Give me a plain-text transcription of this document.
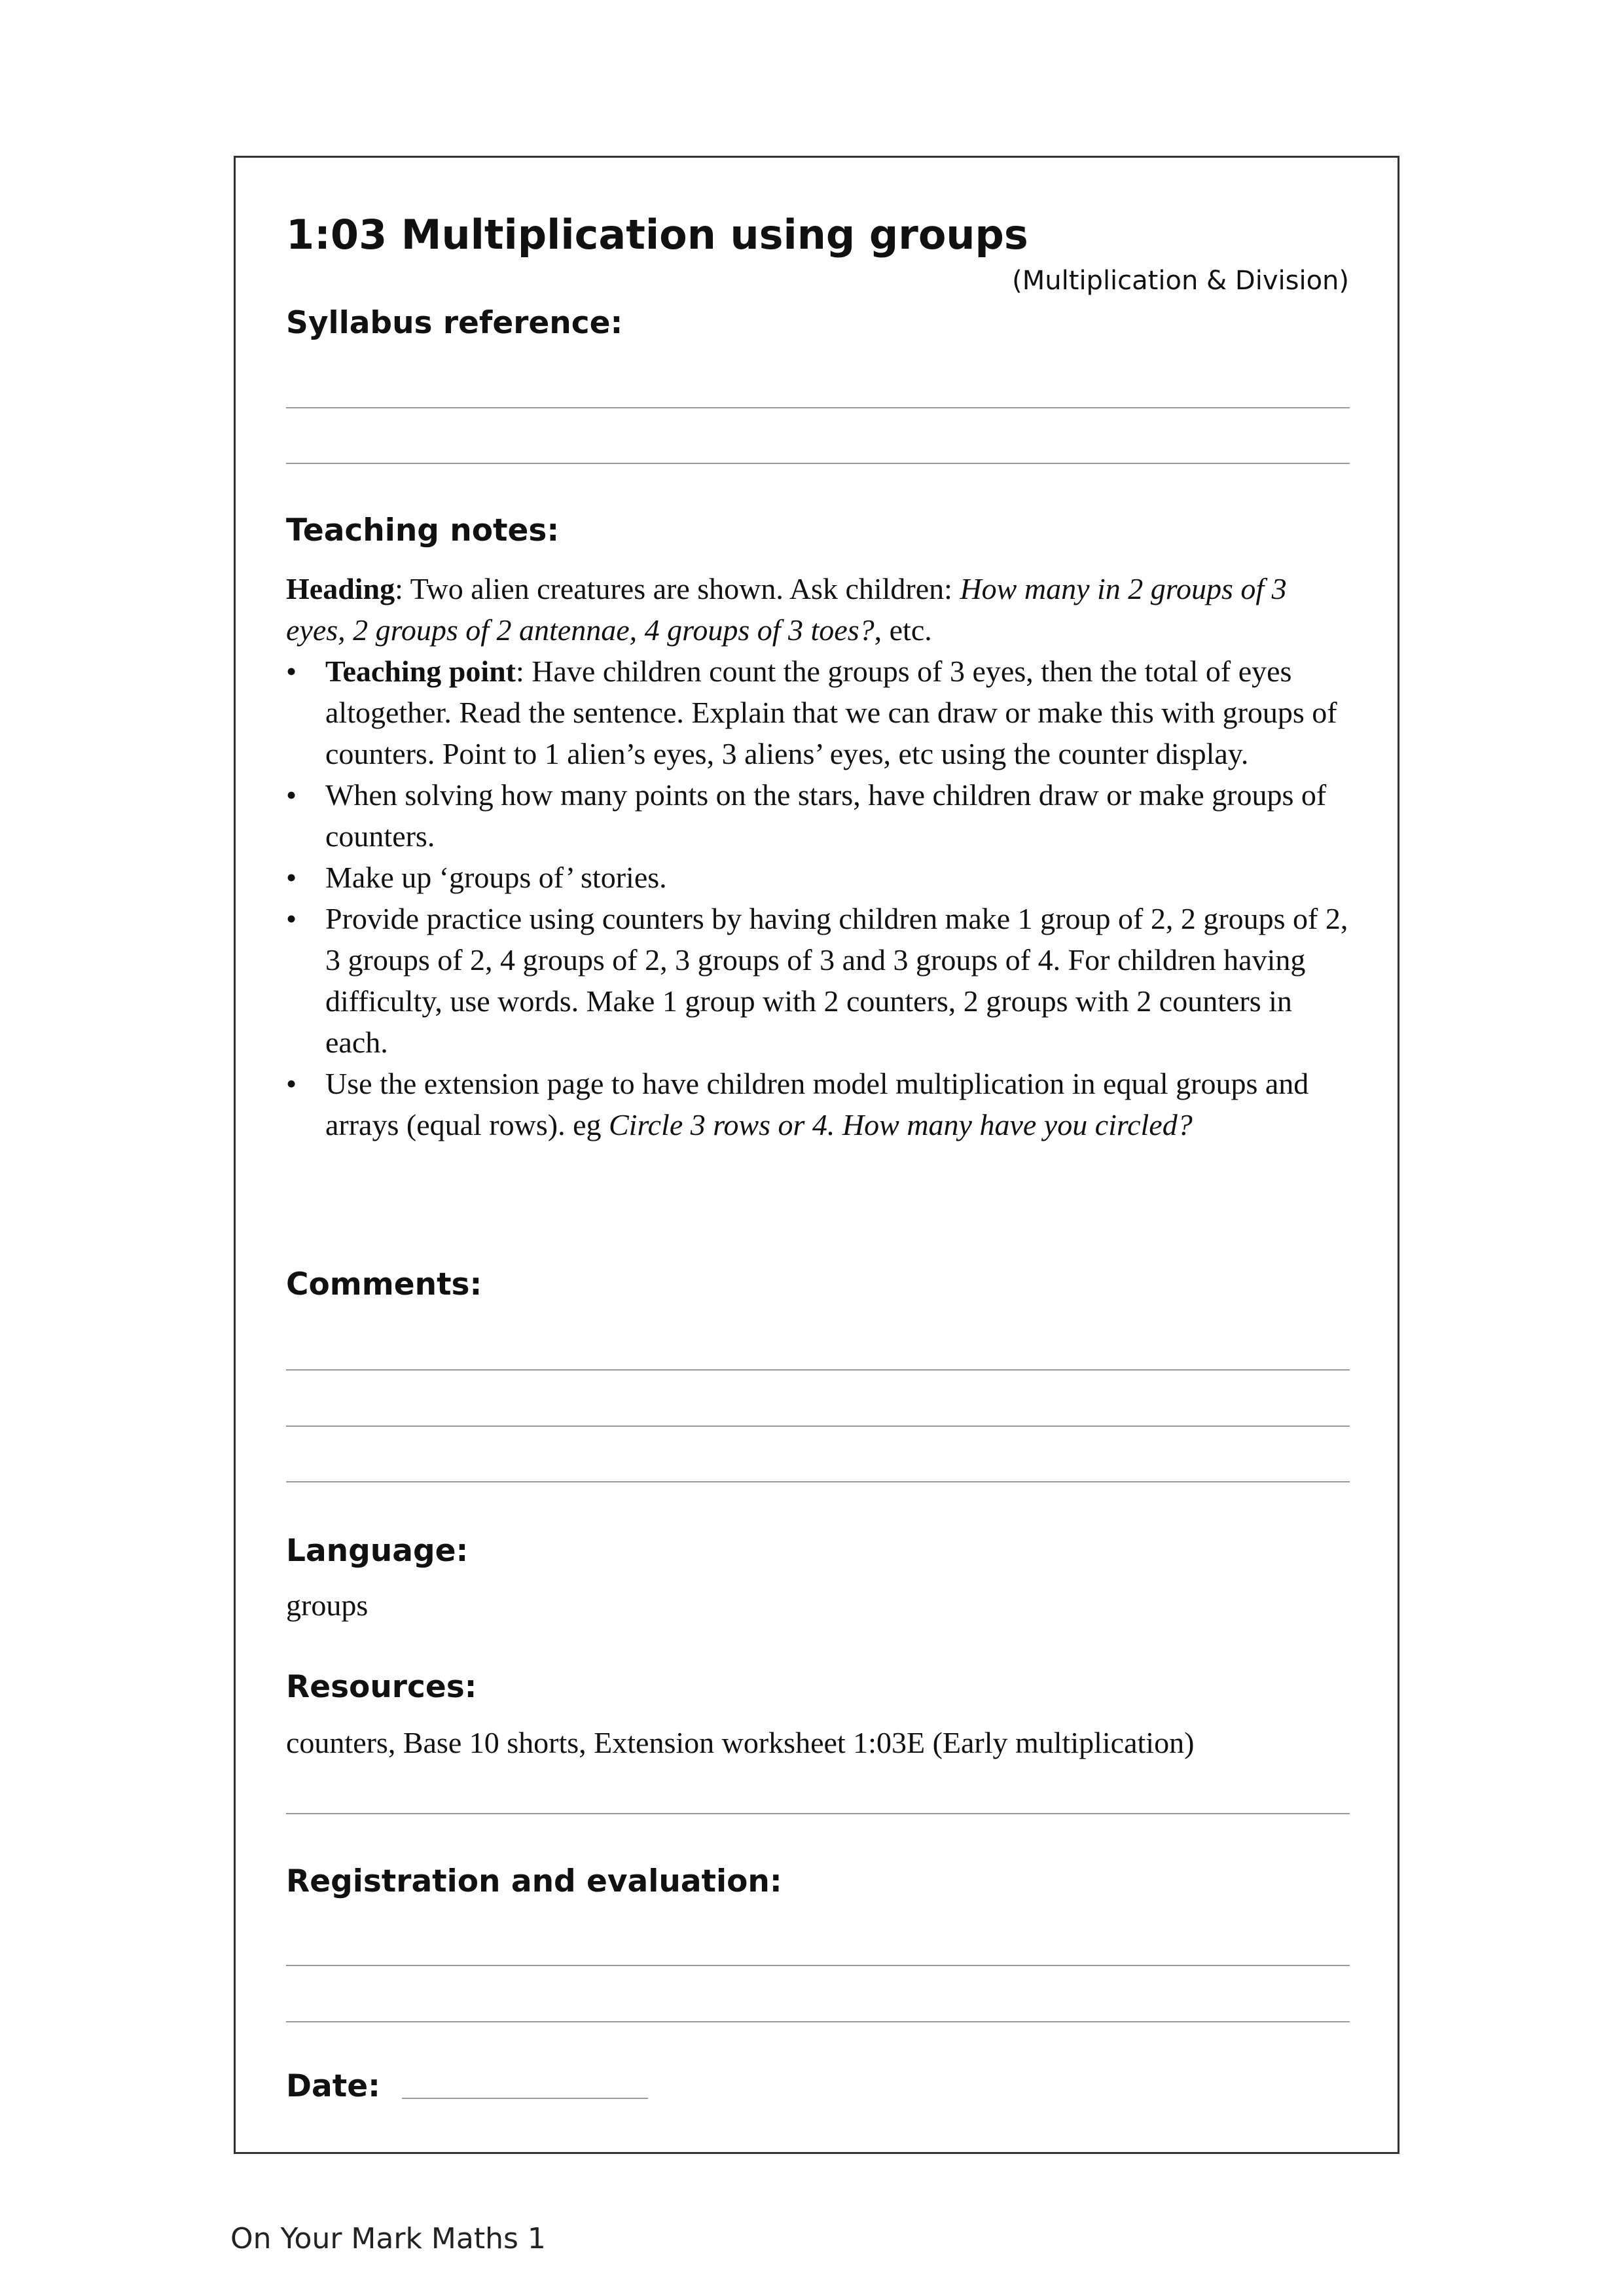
1:03 Multiplication using groups
(Multiplication & Division)
Syllabus reference:
Teaching notes:

Heading: Two alien creatures are shown. Ask children: How many in 2 groups of 3 eyes, 2 groups of 2 antennae, 4 groups of 3 toes?, etc.

• Teaching point: Have children count the groups of 3 eyes, then the total of eyes altogether. Read the sentence. Explain that we can draw or make this with groups of counters. Point to 1 alien’s eyes, 3 aliens’ eyes, etc using the counter display.
• When solving how many points on the stars, have children draw or make groups of counters.
• Make up ‘groups of’ stories.
• Provide practice using counters by having children make 1 group of 2, 2 groups of 2, 3 groups of 2, 4 groups of 2, 3 groups of 3 and 3 groups of 4. For children having difficulty, use words. Make 1 group with 2 counters, 2 groups with 2 counters in each.
• Use the extension page to have children model multiplication in equal groups and arrays (equal rows). eg Circle 3 rows or 4. How many have you circled?
Comments:
Language:
groups
Resources:
counters, Base 10 shorts, Extension worksheet 1:03E (Early multiplication)
Registration and evaluation:
Date:
On Your Mark Maths 1
